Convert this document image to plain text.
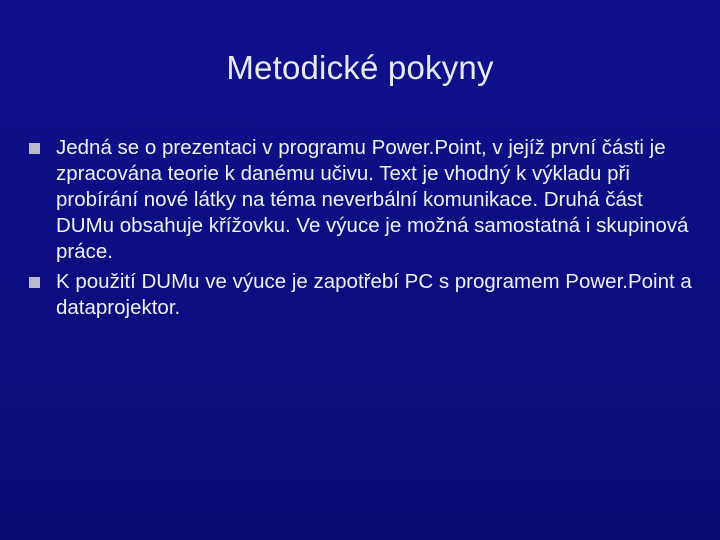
Metodické pokyny
Jedná se o prezentaci v programu Power.Point, v jejíž první části je zpracována teorie k danému učivu. Text je vhodný k výkladu při probírání nové látky na téma neverbální komunikace. Druhá část DUMu obsahuje křížovku. Ve výuce je možná samostatná i skupinová práce.
K použití DUMu ve výuce je zapotřebí PC s programem Power.Point a dataprojektor.
